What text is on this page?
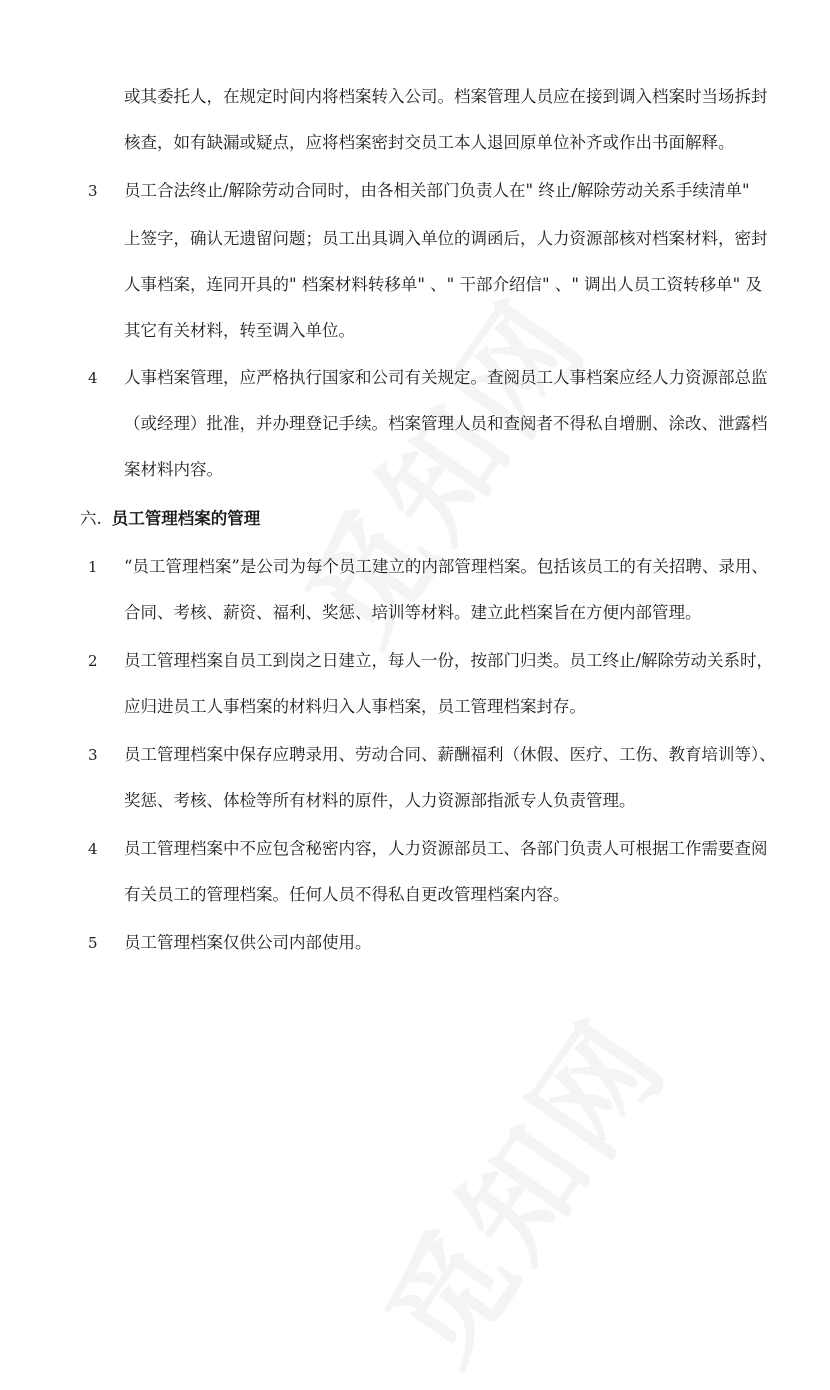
或其委托人，在规定时间内将档案转入公司。档案管理人员应在接到调入档案时当场拆封
核查，如有缺漏或疑点，应将档案密封交员工本人退回原单位补齐或作出书面解释。
3 员工合法终止/解除劳动合同时，由各相关部门负责人在" 终止/解除劳动关系手续清单"
上签字，确认无遗留问题；员工出具调入单位的调函后，人力资源部核对档案材料，密封
人事档案，连同开具的" 档案材料转移单" 、" 干部介绍信" 、" 调出人员工资转移单" 及
其它有关材料，转至调入单位。
4 人事档案管理，应严格执行国家和公司有关规定。查阅员工人事档案应经人力资源部总监
（或经理）批准，并办理登记手续。档案管理人员和查阅者不得私自增删、涂改、泄露档
案材料内容。
六. 员工管理档案的管理
1 “员工管理档案”是公司为每个员工建立的内部管理档案。包括该员工的有关招聘、录用、
合同、考核、薪资、福利、奖惩、培训等材料。建立此档案旨在方便内部管理。
2 员工管理档案自员工到岗之日建立，每人一份，按部门归类。员工终止/解除劳动关系时，
应归进员工人事档案的材料归入人事档案，员工管理档案封存。
3 员工管理档案中保存应聘录用、劳动合同、薪酬福利（休假、医疗、工伤、教育培训等）、
奖惩、考核、体检等所有材料的原件，人力资源部指派专人负责管理。
4 员工管理档案中不应包含秘密内容，人力资源部员工、各部门负责人可根据工作需要查阅
有关员工的管理档案。任何人员不得私自更改管理档案内容。
5 员工管理档案仅供公司内部使用。
